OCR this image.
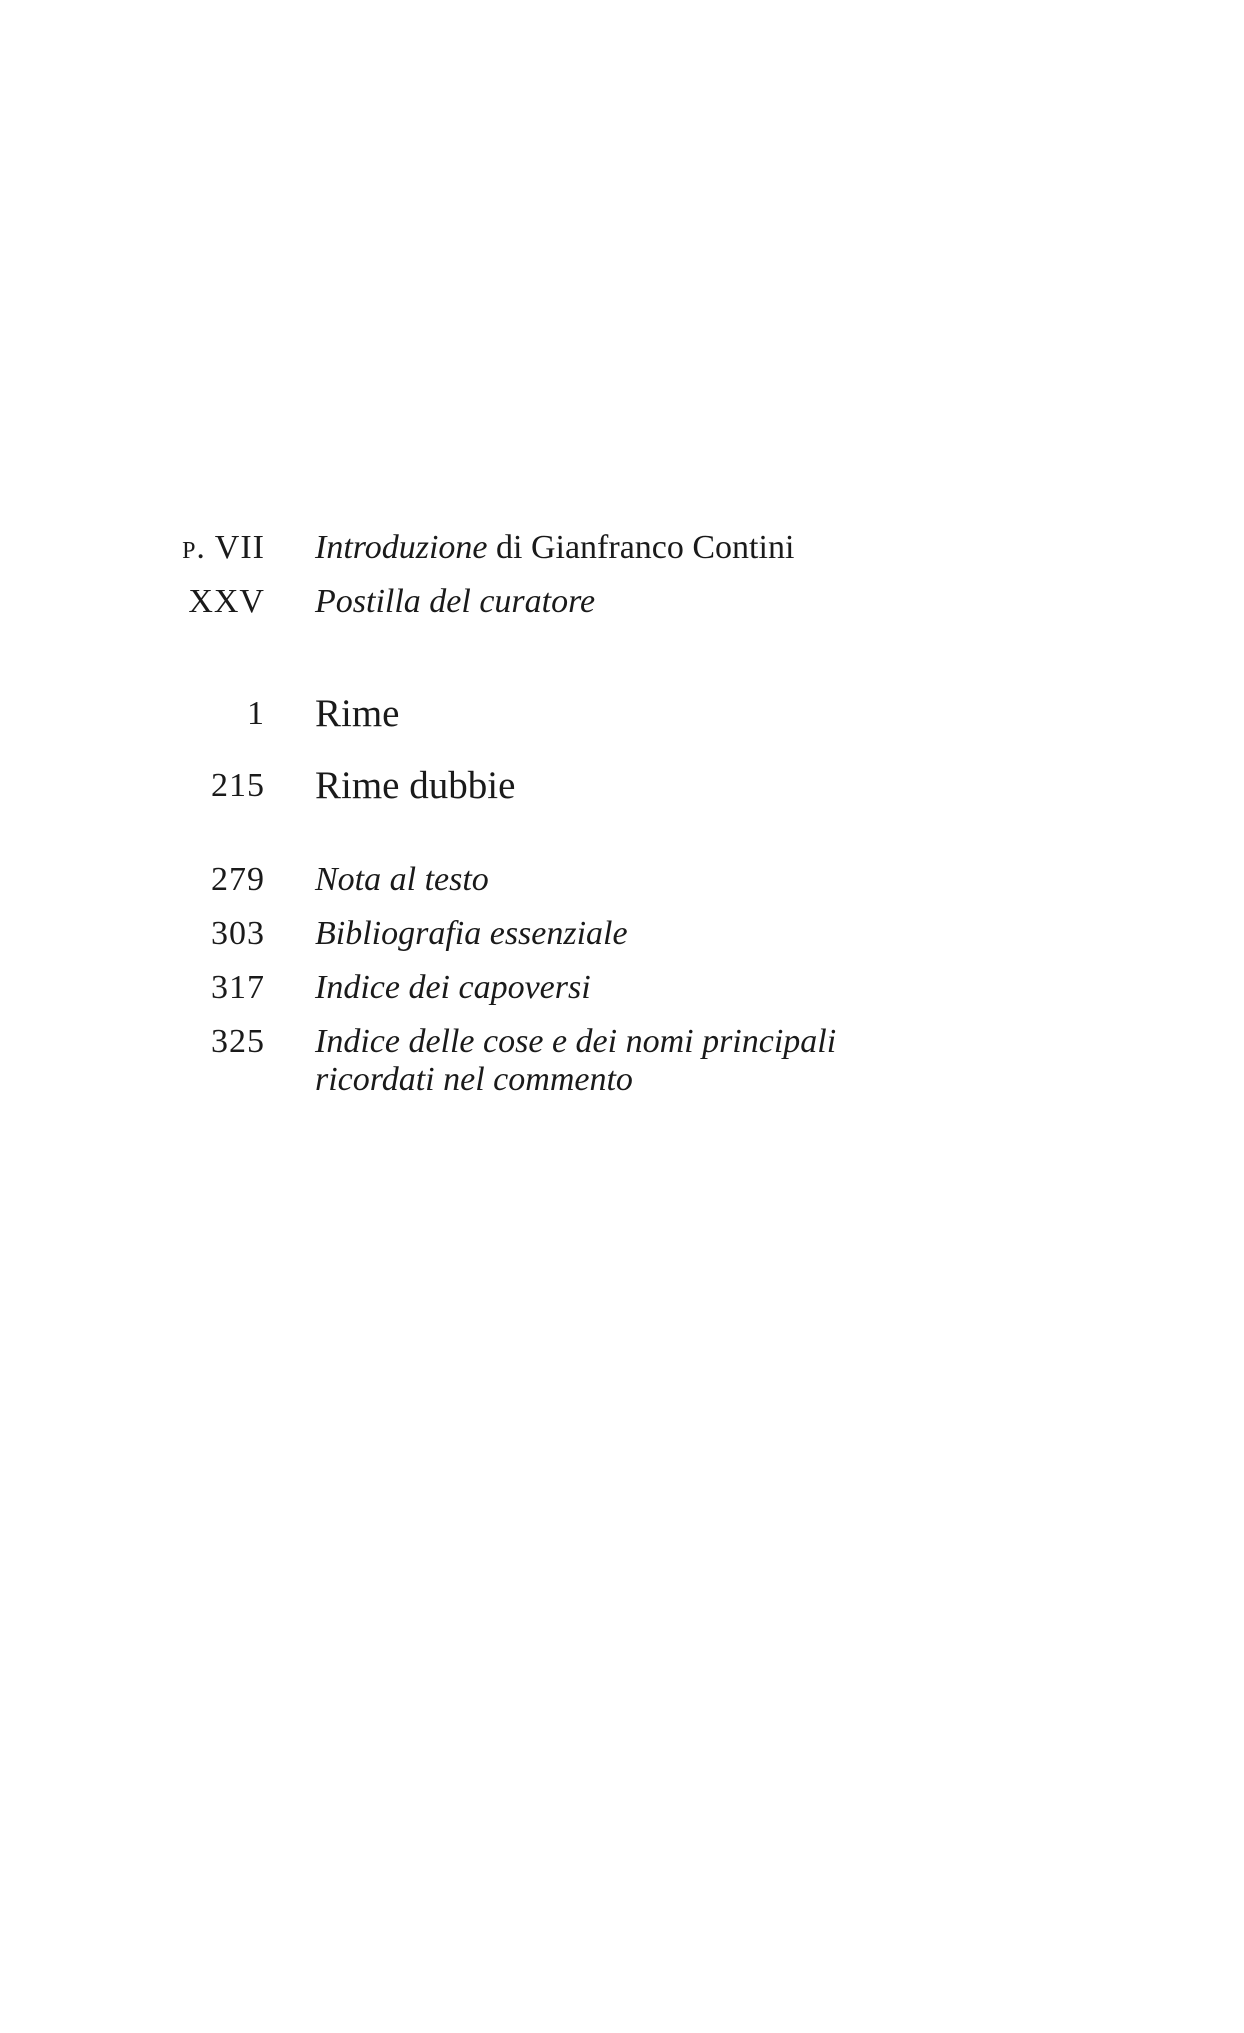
p. VII Introduzione di Gianfranco Contini
XXV Postilla del curatore
1 Rime
215 Rime dubbie
279 Nota al testo
303 Bibliografia essenziale
317 Indice dei capoversi
325 Indice delle cose e dei nomi principali
ricordati nel commento
